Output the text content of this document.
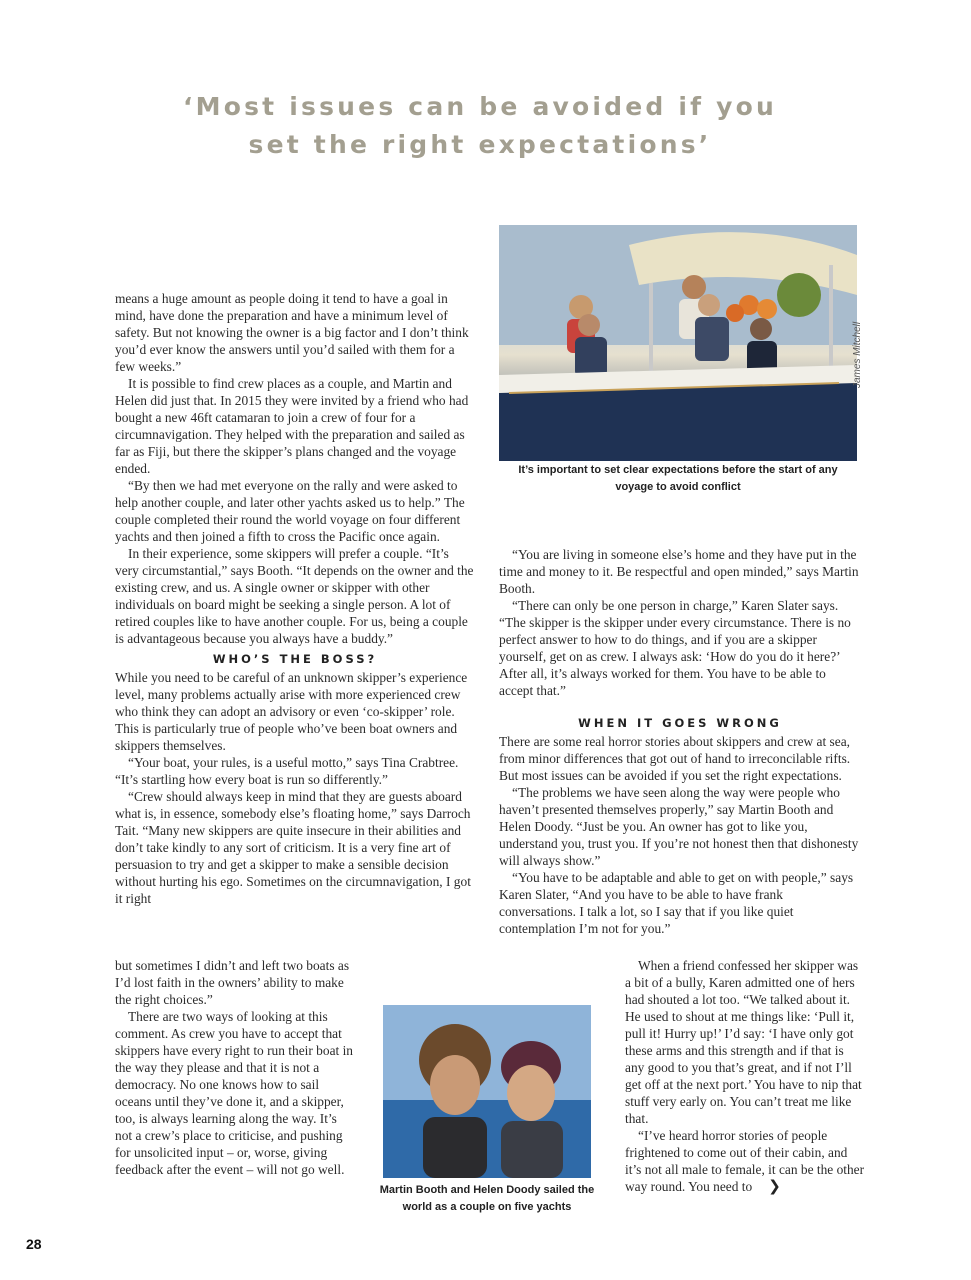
‘Most issues can be avoided if you
set the right expectations’
James Mitchell
It’s important to set clear expectations before the start of any voyage to avoid conflict

means a huge amount as people doing it tend to have a goal in mind, have done the preparation and have a minimum level of safety. But not knowing the owner is a big factor and I don’t think you’d ever know the answers until you’d sailed with them for a few weeks.”

It is possible to find crew places as a couple, and Martin and Helen did just that. In 2015 they were invited by a friend who had bought a new 46ft catamaran to join a crew of four for a circumnavigation. They helped with the preparation and sailed as far as Fiji, but there the skipper’s plans changed and the voyage ended.

“By then we had met everyone on the rally and were asked to help another couple, and later other yachts asked us to help.” The couple completed their round the world voyage on four different yachts and then joined a fifth to cross the Pacific once again.

In their experience, some skippers will prefer a couple. “It’s very circumstantial,” says Booth. “It depends on the owner and the existing crew, and us. A single owner or skipper with other individuals on board might be seeking a single person. A lot of retired couples like to have another couple. For us, being a couple is advantageous because you always have a buddy.”

WHO’S THE BOSS?

While you need to be careful of an unknown skipper’s experience level, many problems actually arise with more experienced crew who think they can adopt an advisory or even ‘co-skipper’ role. This is particularly true of people who’ve been boat owners and skippers themselves.

“Your boat, your rules, is a useful motto,” says Tina Crabtree. “It’s startling how every boat is run so differently.”

“Crew should always keep in mind that they are guests aboard what is, in essence, somebody else’s floating home,” says Darroch Tait. “Many new skippers are quite insecure in their abilities and don’t take kindly to any sort of criticism. It is a very fine art of persuasion to try and get a skipper to make a sensible decision without hurting his ego. Sometimes on the circumnavigation, I got it right

but sometimes I didn’t and left two boats as I’d lost faith in the owners’ ability to make the right choices.”

There are two ways of looking at this comment. As crew you have to accept that skippers have every right to run their boat in the way they please and that it is not a democracy. No one knows how to sail oceans until they’ve done it, and a skipper, too, is always learning along the way. It’s not a crew’s place to criticise, and pushing for unsolicited input – or, worse, giving feedback after the event – will not go well.

Martin Booth and Helen Doody sailed the world as a couple on five yachts

“You are living in someone else’s home and they have put in the time and money to it. Be respectful and open minded,” says Martin Booth.

“There can only be one person in charge,” Karen Slater says. “The skipper is the skipper under every circumstance. There is no perfect answer to how to do things, and if you are a skipper yourself, get on as crew. I always ask: ‘How do you do it here?’ After all, it’s always worked for them. You have to be able to accept that.”

WHEN IT GOES WRONG

There are some real horror stories about skippers and crew at sea, from minor differences that got out of hand to irreconcilable rifts. But most issues can be avoided if you set the right expectations.

“The problems we have seen along the way were people who haven’t presented themselves properly,” say Martin Booth and Helen Doody. “Just be you. An owner has got to like you, understand you, trust you. If you’re not honest then that dishonesty will always show.”

“You have to be adaptable and able to get on with people,” says Karen Slater, “And you have to be able to have frank conversations. I talk a lot, so I say that if you like quiet contemplation I’m not for you.”

When a friend confessed her skipper was a bit of a bully, Karen admitted one of hers had shouted a lot too. “We talked about it. He used to shout at me things like: ‘Pull it, pull it! Hurry up!’ I’d say: ‘I have only got these arms and this strength and if that is any good to you that’s great, and if not I’ll get off at the next port.’ You have to nip that stuff very early on. You can’t treat me like that.

“I’ve heard horror stories of people frightened to come out of their cabin, and it’s not all male to female, it can be the other way round. You need to ❯

28
